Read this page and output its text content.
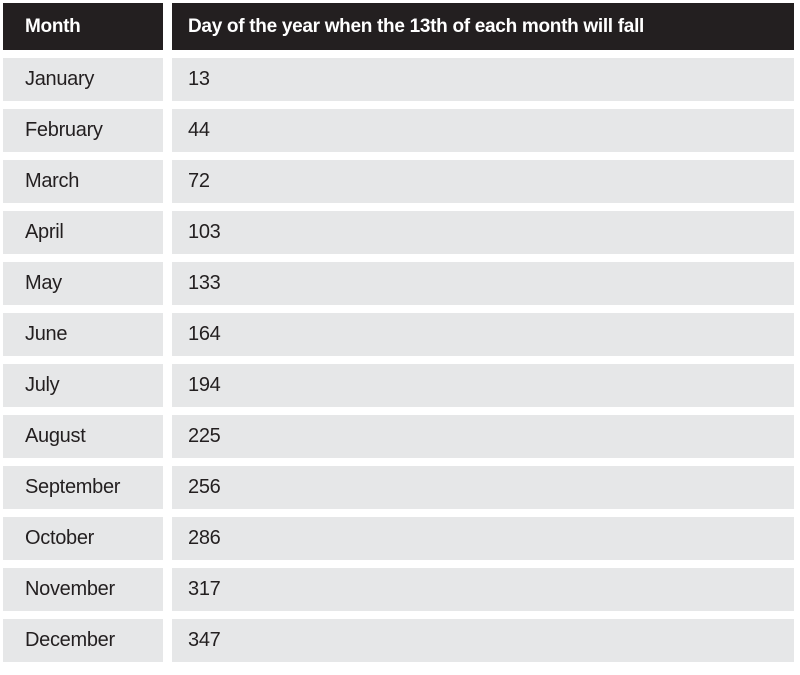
Month	Day of the year when the 13th of each month will fall
January	13
February	44
March	72
April	103
May	133
June	164
July	194
August	225
September	256
October	286
November	317
December	347
